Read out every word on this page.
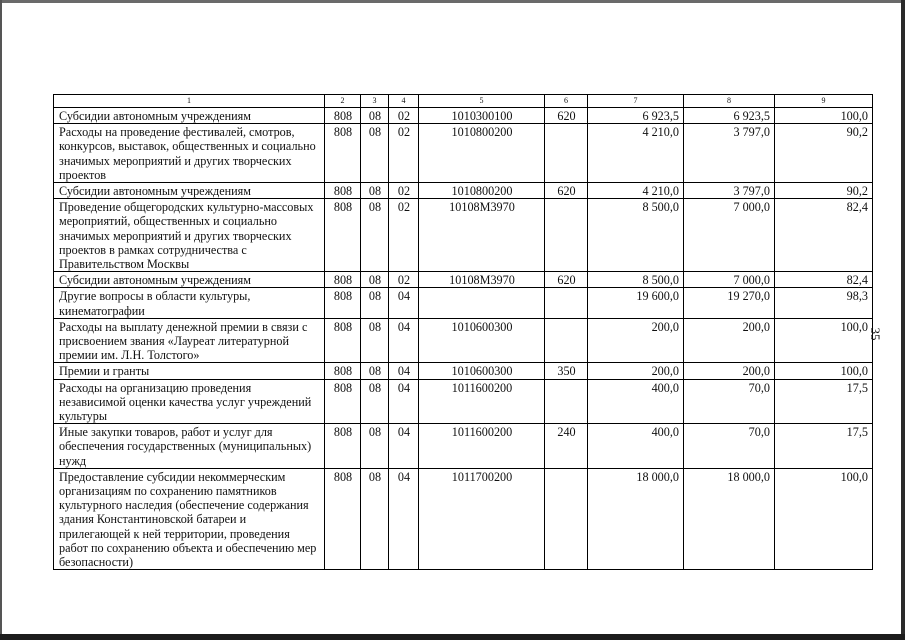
1	2	3	4	5	6	7	8	9
Субсидии автономным учреждениям	808	08	02	1010300100	620	6 923,5	6 923,5	100,0
Расходы на проведение фестивалей, смотров, конкурсов, выставок, общественных и социально значимых мероприятий и других творческих проектов	808	08	02	1010800200		4 210,0	3 797,0	90,2
Субсидии автономным учреждениям	808	08	02	1010800200	620	4 210,0	3 797,0	90,2
Проведение общегородских культурно-массовых мероприятий, общественных и социально значимых мероприятий и других творческих проектов в рамках сотрудничества с Правительством Москвы	808	08	02	10108М3970		8 500,0	7 000,0	82,4
Субсидии автономным учреждениям	808	08	02	10108М3970	620	8 500,0	7 000,0	82,4
Другие вопросы в области культуры, кинематографии	808	08	04			19 600,0	19 270,0	98,3
Расходы на выплату денежной премии в связи с присвоением звания «Лауреат литературной премии им. Л.Н. Толстого»	808	08	04	1010600300		200,0	200,0	100,0
Премии и гранты	808	08	04	1010600300	350	200,0	200,0	100,0
Расходы на организацию проведения независимой оценки качества услуг учреждений культуры	808	08	04	1011600200		400,0	70,0	17,5
Иные закупки товаров, работ и услуг для обеспечения государственных (муниципальных) нужд	808	08	04	1011600200	240	400,0	70,0	17,5
Предоставление субсидии некоммерческим организациям по сохранению памятников культурного наследия (обеспечение содержания здания Константиновской батареи и прилегающей к ней территории, проведения работ по сохранению объекта и обеспечению мер безопасности)	808	08	04	1011700200		18 000,0	18 000,0	100,0
35
